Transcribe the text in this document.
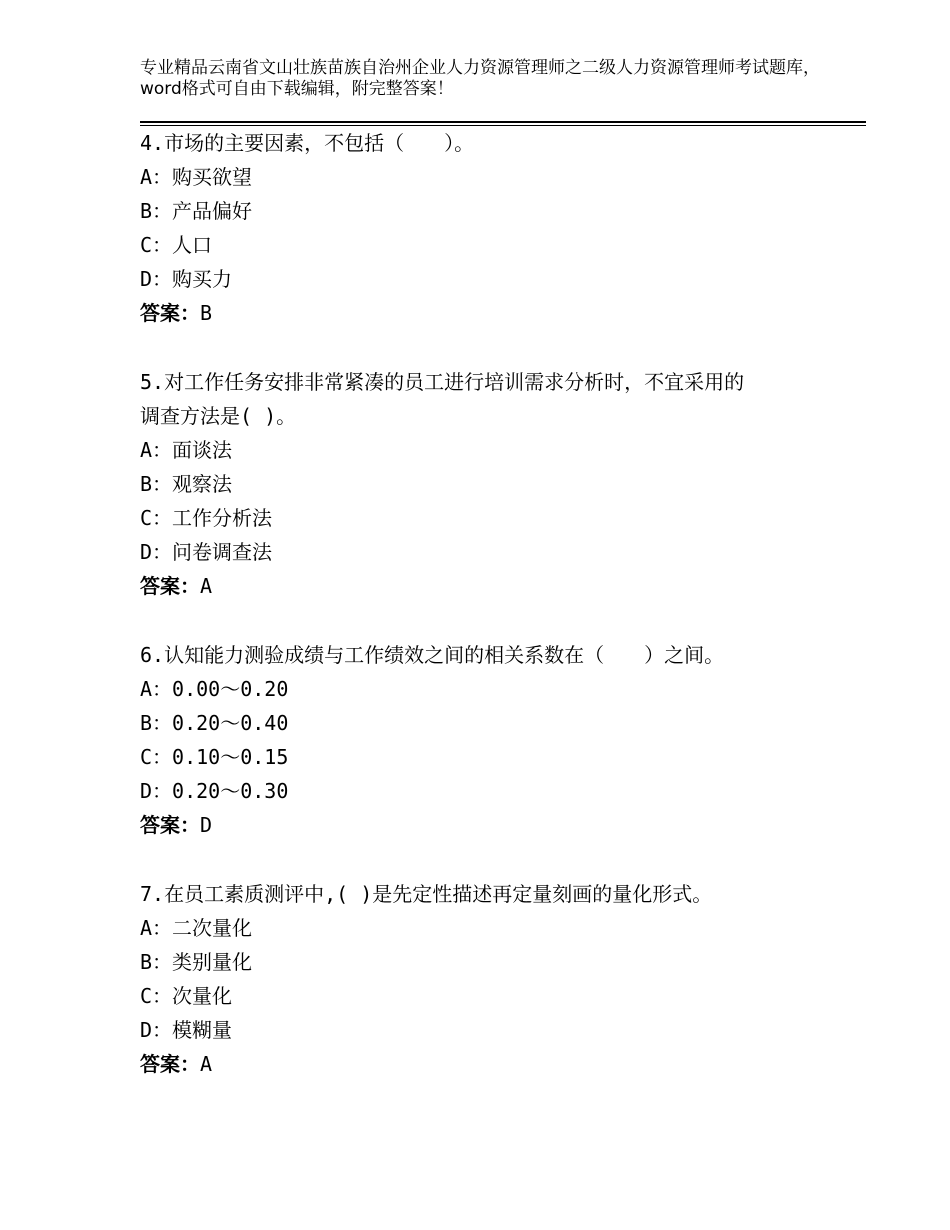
专业精品云南省文山壮族苗族自治州企业人力资源管理师之二级人力资源管理师考试题库，word格式可自由下载编辑，附完整答案！
4.市场的主要因素，不包括（　　）。
A：购买欲望
B：产品偏好
C：人口
D：购买力
答案：B
5.对工作任务安排非常紧凑的员工进行培训需求分析时，不宜采用的
调查方法是( )。
A：面谈法
B：观察法
C：工作分析法
D：问卷调查法
答案：A
6.认知能力测验成绩与工作绩效之间的相关系数在（　　）之间。
A：0.00～0.20
B：0.20～0.40
C：0.10～0.15
D：0.20～0.30
答案：D
7.在员工素质测评中,( )是先定性描述再定量刻画的量化形式。
A：二次量化
B：类别量化
C：次量化
D：模糊量
答案：A
